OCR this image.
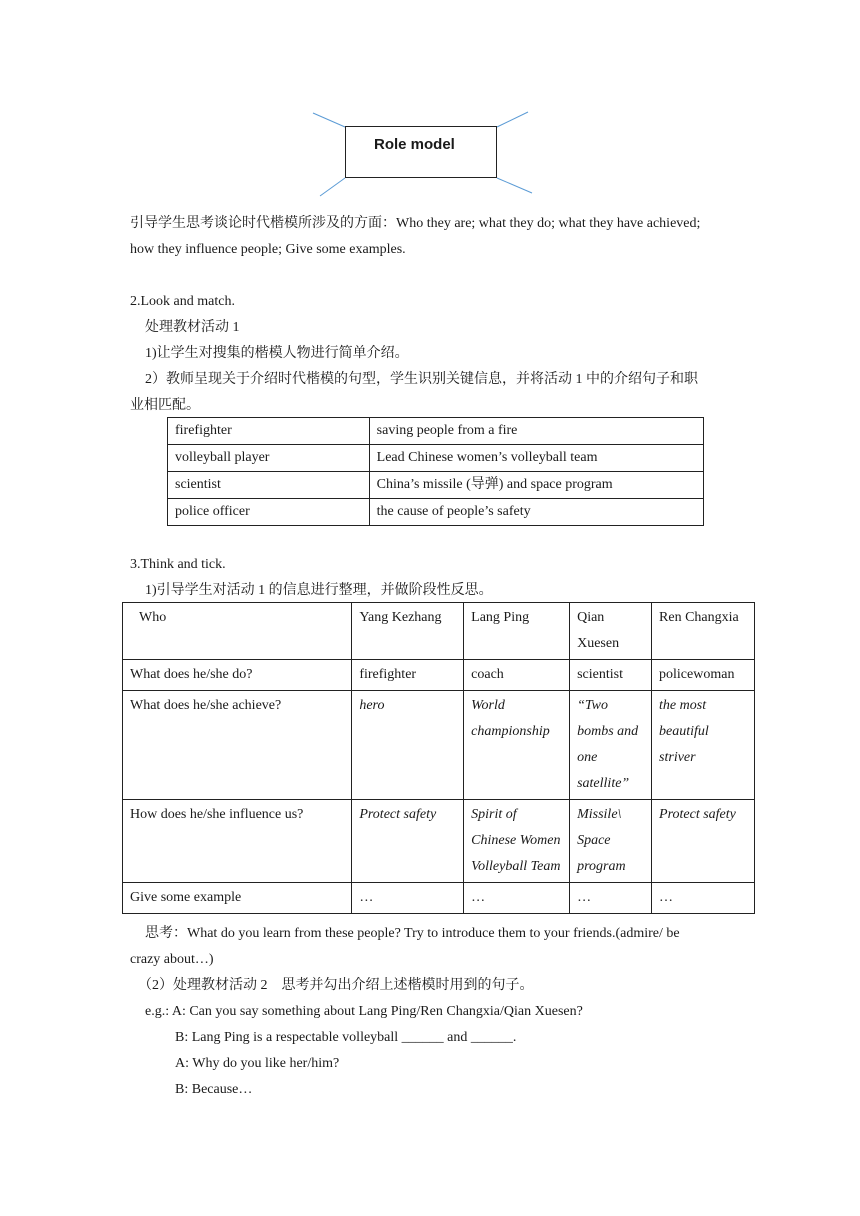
Role model
引导学生思考谈论时代楷模所涉及的方面：Who they are; what they do; what they have achieved;
how they influence people; Give some examples.
2.Look and match.
处理教材活动 1
1)让学生对搜集的楷模人物进行简单介绍。
2）教师呈现关于介绍时代楷模的句型，学生识别关键信息，并将活动 1 中的介绍句子和职
业相匹配。
firefighter	saving people from a fire
volleyball player	Lead Chinese women’s volleyball team
scientist	China’s missile (导弹) and space program
police officer	the cause of people’s safety
3.Think and tick.
1)引导学生对活动 1 的信息进行整理，并做阶段性反思。
Who	Yang Kezhang	Lang Ping	Qian Xuesen	Ren Changxia
What does he/she do?	firefighter	coach	scientist	policewoman
What does he/she achieve?	hero	World championship	“Two bombs and one satellite”	the most beautiful striver
How does he/she influence us?	Protect safety	Spirit of Chinese Women Volleyball Team	Missile\ Space program	Protect safety
Give some example	…	…	…	…
思考：What do you learn from these people? Try to introduce them to your friends.(admire/ be
crazy about…)
（2）处理教材活动 2　思考并勾出介绍上述楷模时用到的句子。
e.g.: A: Can you say something about Lang Ping/Ren Changxia/Qian Xuesen?
B: Lang Ping is a respectable volleyball ______ and ______.
A: Why do you like her/him?
B: Because…
